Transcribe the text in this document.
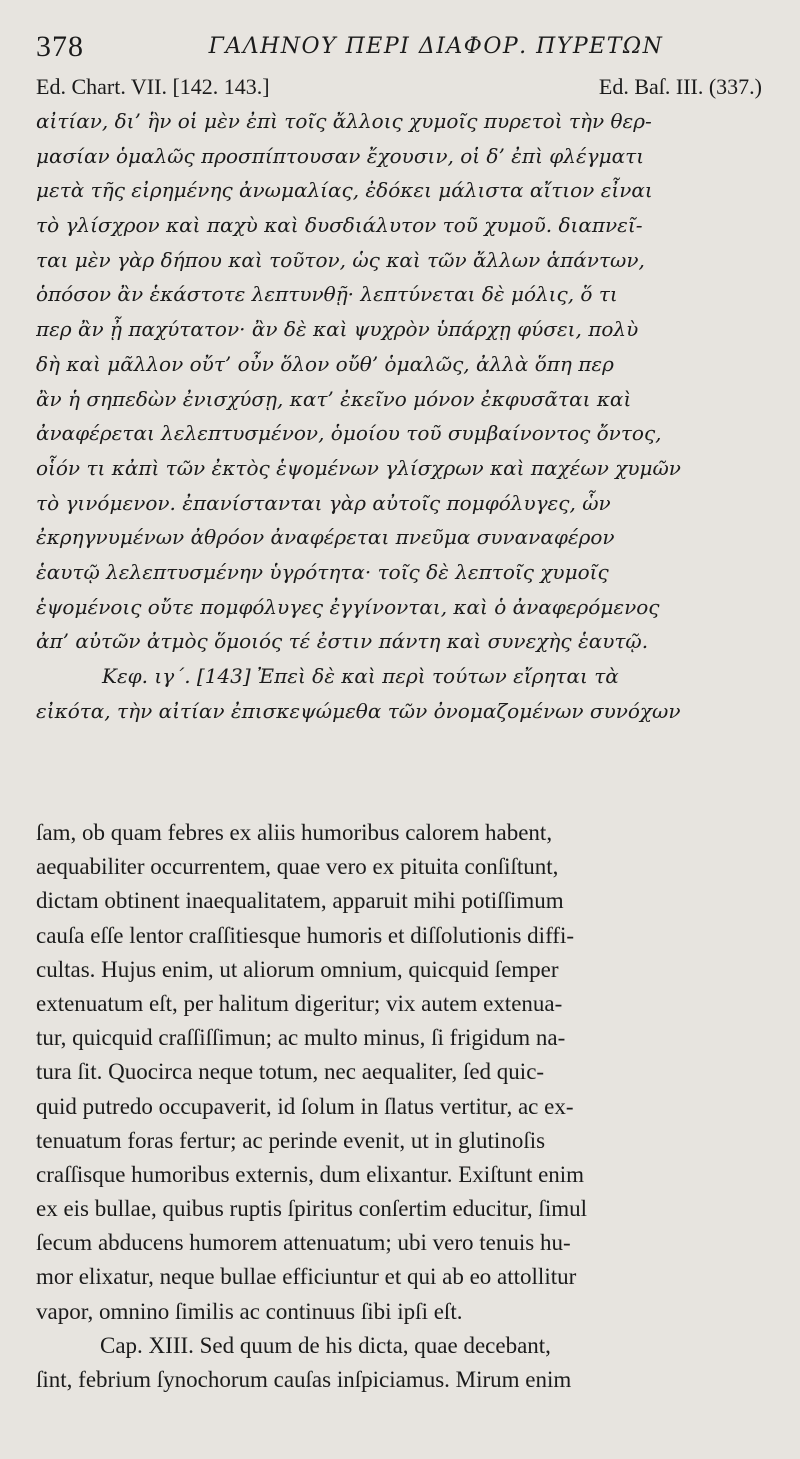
378	ΓΑΛΗΝΟΥ ΠΕΡΙ ΔΙΑΦΟΡ. ΠΥΡΕΤΩΝ
Ed. Chart. VII. [142. 143.]	Ed. Baſ. III. (337.)
αἰτίαν, δι’ ἣν οἱ μὲν ἐπὶ τοῖς ἄλλοις χυμοῖς πυρετοὶ τὴν θερ-
μασίαν ὁμαλῶς προσπίπτουσαν ἔχουσιν, οἱ δ’ ἐπὶ φλέγματι
μετὰ τῆς εἰρημένης ἀνωμαλίας, ἐδόκει μάλιστα αἴτιον εἶναι
τὸ γλίσχρον καὶ παχὺ καὶ δυσδιάλυτον τοῦ χυμοῦ. διαπνεῖ-
ται μὲν γὰρ δήπου καὶ τοῦτον, ὡς καὶ τῶν ἄλλων ἁπάντων,
ὁπόσον ἂν ἑκάστοτε λεπτυνθῇ· λεπτύνεται δὲ μόλις, ὅ τι
περ ἂν ᾖ παχύτατον· ἂν δὲ καὶ ψυχρὸν ὑπάρχῃ φύσει, πολὺ
δὴ καὶ μᾶλλον οὔτ’ οὖν ὅλον οὔθ’ ὁμαλῶς, ἀλλὰ ὅπη περ
ἂν ἡ σηπεδὼν ἐνισχύσῃ, κατ’ ἐκεῖνο μόνον ἐκφυσᾶται καὶ
ἀναφέρεται λελεπτυσμένον, ὁμοίου τοῦ συμβαίνοντος ὄντος,
οἷόν τι κἀπὶ τῶν ἐκτὸς ἑψομένων γλίσχρων καὶ παχέων χυμῶν
τὸ γινόμενον. ἐπανίστανται γὰρ αὐτοῖς πομφόλυγες, ὧν
ἐκρηγνυμένων ἀθρόον ἀναφέρεται πνεῦμα συναναφέρον
ἑαυτῷ λελεπτυσμένην ὑγρότητα· τοῖς δὲ λεπτοῖς χυμοῖς
ἑψομένοις οὔτε πομφόλυγες ἐγγίνονται, καὶ ὁ ἀναφερόμενος
ἀπ’ αὐτῶν ἀτμὸς ὅμοιός τέ ἐστιν πάντη καὶ συνεχὴς ἑαυτῷ.
Κεφ. ιγ΄. [143] Ἐπεὶ δὲ καὶ περὶ τούτων εἴρηται τὰ
εἰκότα, τὴν αἰτίαν ἐπισκεψώμεθα τῶν ὀνομαζομένων συνόχων
ſam, ob quam febres ex aliis humoribus calorem habent,
aequabiliter occurrentem, quae vero ex pituita conſiſtunt,
dictam obtinent inaequalitatem, apparuit mihi potiſſimum
cauſa eſſe lentor craſſitiesque humoris et diſſolutionis diffi-
cultas. Hujus enim, ut aliorum omnium, quicquid ſemper
extenuatum eſt, per halitum digeritur; vix autem extenua-
tur, quicquid craſſiſſimun; ac multo minus, ſi frigidum na-
tura ſit. Quocirca neque totum, nec aequaliter, ſed quic-
quid putredo occupaverit, id ſolum in ſlatus vertitur, ac ex-
tenuatum foras fertur; ac perinde evenit, ut in glutinoſis
craſſisque humoribus externis, dum elixantur. Exiſtunt enim
ex eis bullae, quibus ruptis ſpiritus conſertim educitur, ſimul
ſecum abducens humorem attenuatum; ubi vero tenuis hu-
mor elixatur, neque bullae efficiuntur et qui ab eo attollitur
vapor, omnino ſimilis ac continuus ſibi ipſi eſt.
Cap. XIII. Sed quum de his dicta, quae decebant,
ſint, febrium ſynochorum cauſas inſpiciamus. Mirum enim
